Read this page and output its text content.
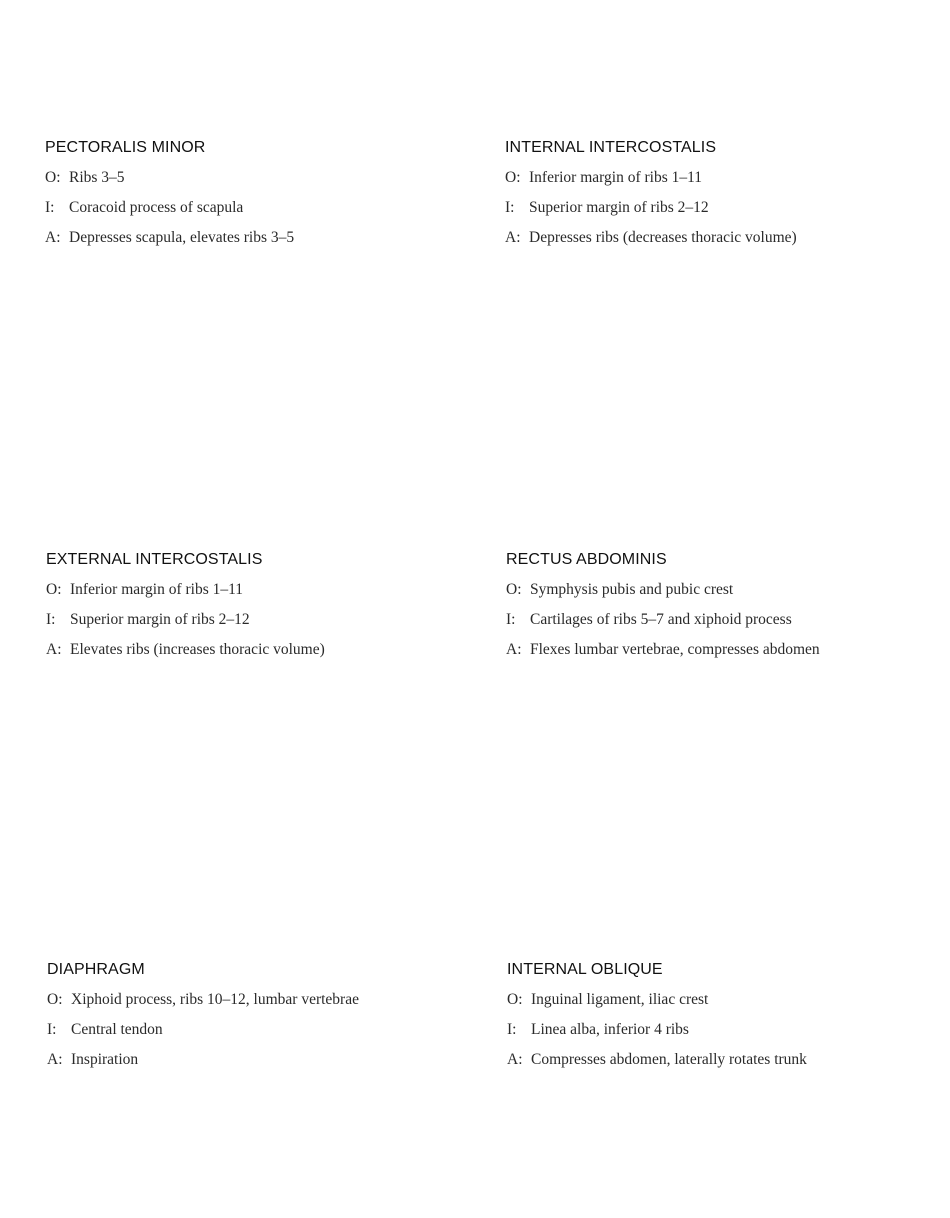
PECTORALIS MINOR
O: Ribs 3–5
I: Coracoid process of scapula
A: Depresses scapula, elevates ribs 3–5
INTERNAL INTERCOSTALIS
O: Inferior margin of ribs 1–11
I: Superior margin of ribs 2–12
A: Depresses ribs (decreases thoracic volume)
EXTERNAL INTERCOSTALIS
O: Inferior margin of ribs 1–11
I: Superior margin of ribs 2–12
A: Elevates ribs (increases thoracic volume)
RECTUS ABDOMINIS
O: Symphysis pubis and pubic crest
I: Cartilages of ribs 5–7 and xiphoid process
A: Flexes lumbar vertebrae, compresses abdomen
DIAPHRAGM
O: Xiphoid process, ribs 10–12, lumbar vertebrae
I: Central tendon
A: Inspiration
INTERNAL OBLIQUE
O: Inguinal ligament, iliac crest
I: Linea alba, inferior 4 ribs
A: Compresses abdomen, laterally rotates trunk
